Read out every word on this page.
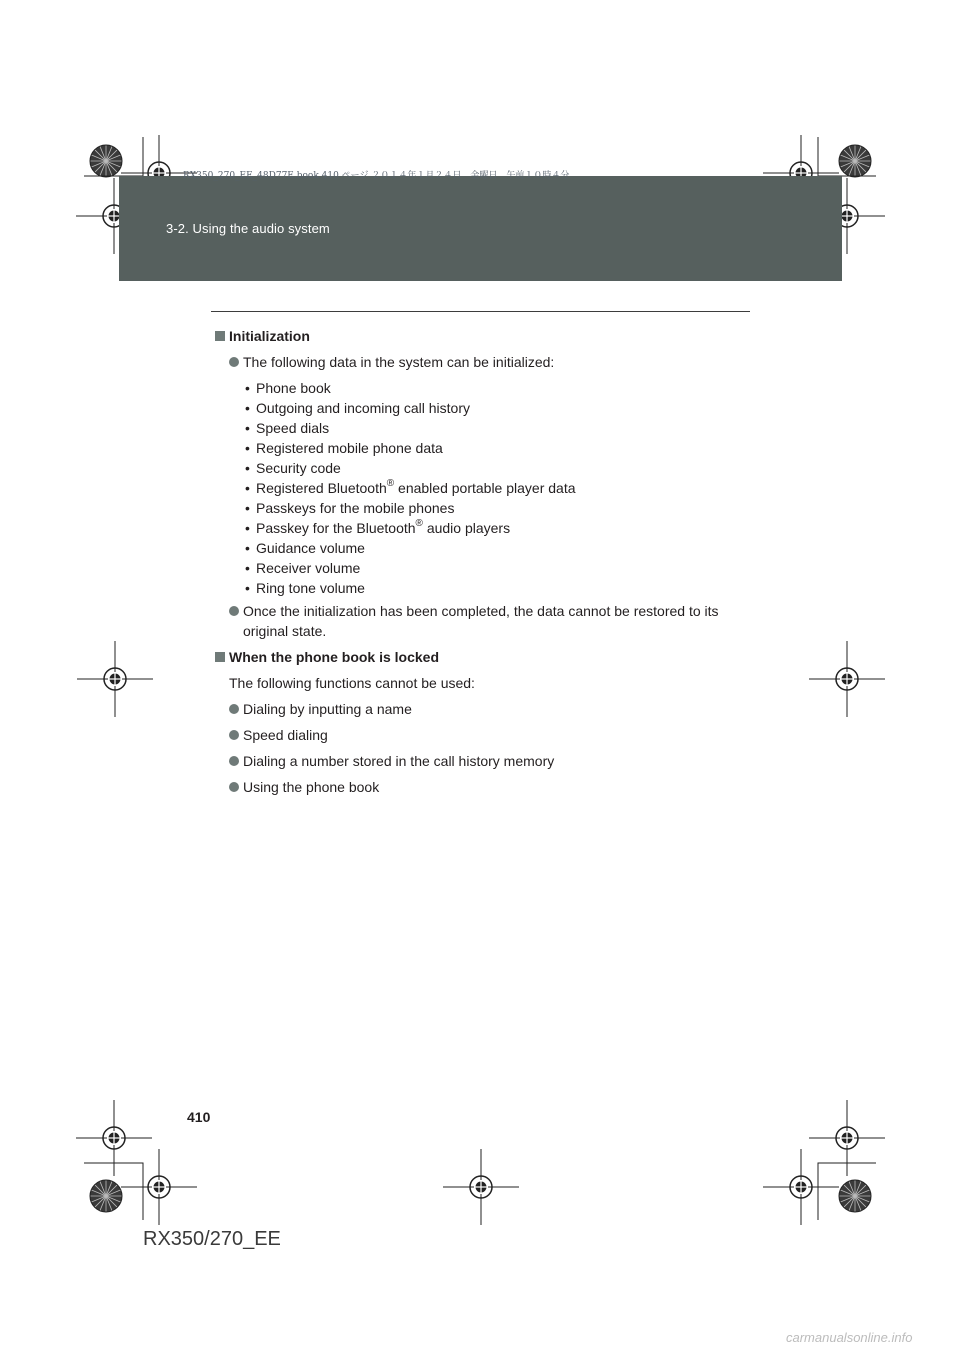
RX350_270_EE_48D77E.book 410 ページ ２０１４年１月２４日　金曜日　午前１０時４分
3-2. Using the audio system
Initialization
The following data in the system can be initialized:
• Phone book
• Outgoing and incoming call history
• Speed dials
• Registered mobile phone data
• Security code
• Registered Bluetooth® enabled portable player data
• Passkeys for the mobile phones
• Passkey for the Bluetooth® audio players
• Guidance volume
• Receiver volume
• Ring tone volume
Once the initialization has been completed, the data cannot be restored to its original state.
When the phone book is locked
The following functions cannot be used:
Dialing by inputting a name
Speed dialing
Dialing a number stored in the call history memory
Using the phone book
410
RX350/270_EE
carmanualsonline.info
